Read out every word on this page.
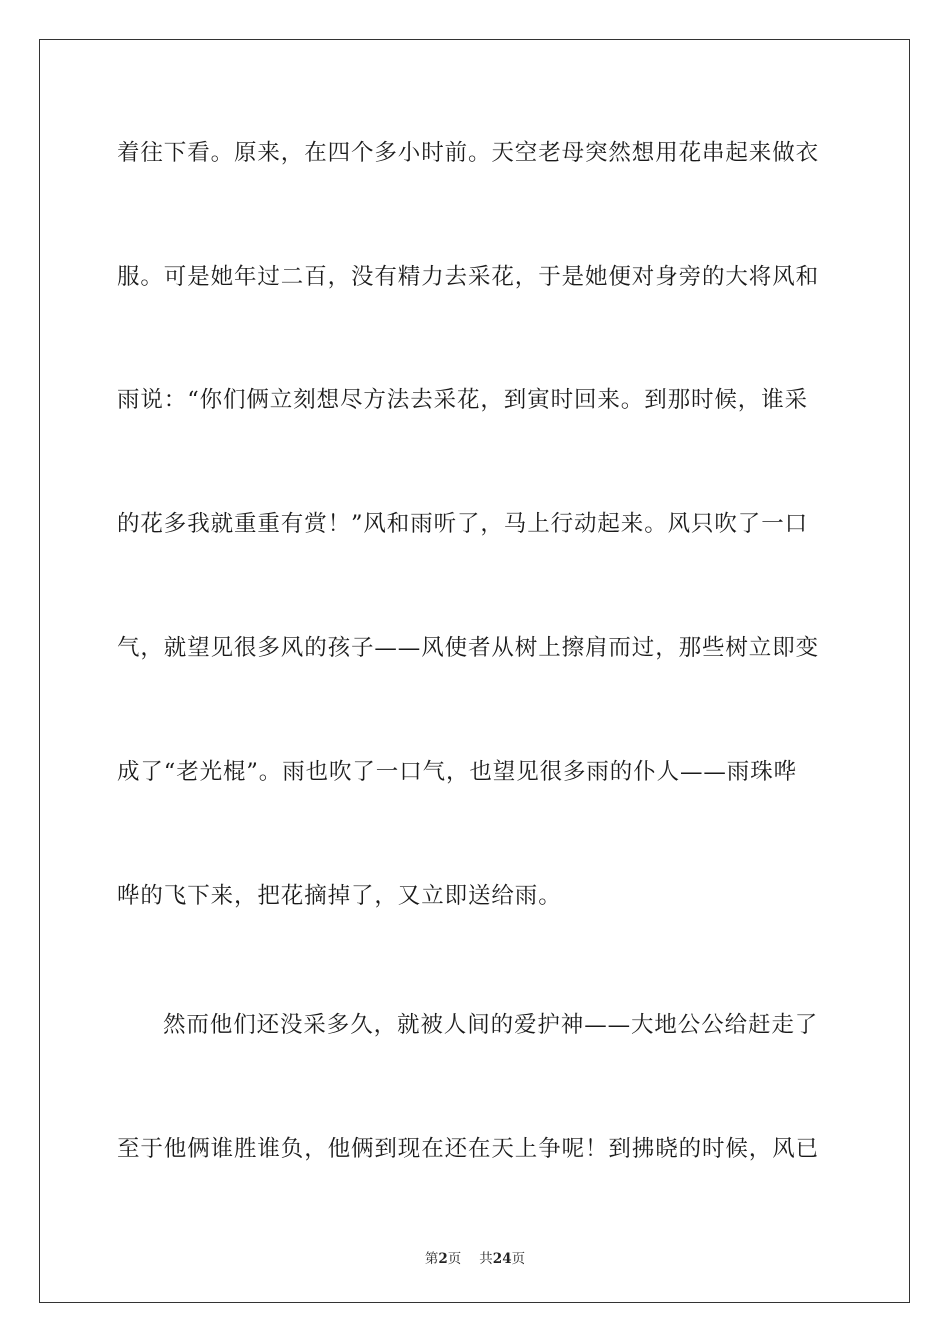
着往下看。原来，在四个多小时前。天空老母突然想用花串起来做衣
服。可是她年过二百，没有精力去采花，于是她便对身旁的大将风和
雨说：“你们俩立刻想尽方法去采花，到寅时回来。到那时候，谁采
的花多我就重重有赏！”风和雨听了，马上行动起来。风只吹了一口
气，就望见很多风的孩子——风使者从树上擦肩而过，那些树立即变
成了“老光棍”。雨也吹了一口气，也望见很多雨的仆人——雨珠哗
哗的飞下来，把花摘掉了，又立即送给雨。
然而他们还没采多久，就被人间的爱护神——大地公公给赶走了
至于他俩谁胜谁负，他俩到现在还在天上争呢！到拂晓的时候，风已
第2页 共24页
